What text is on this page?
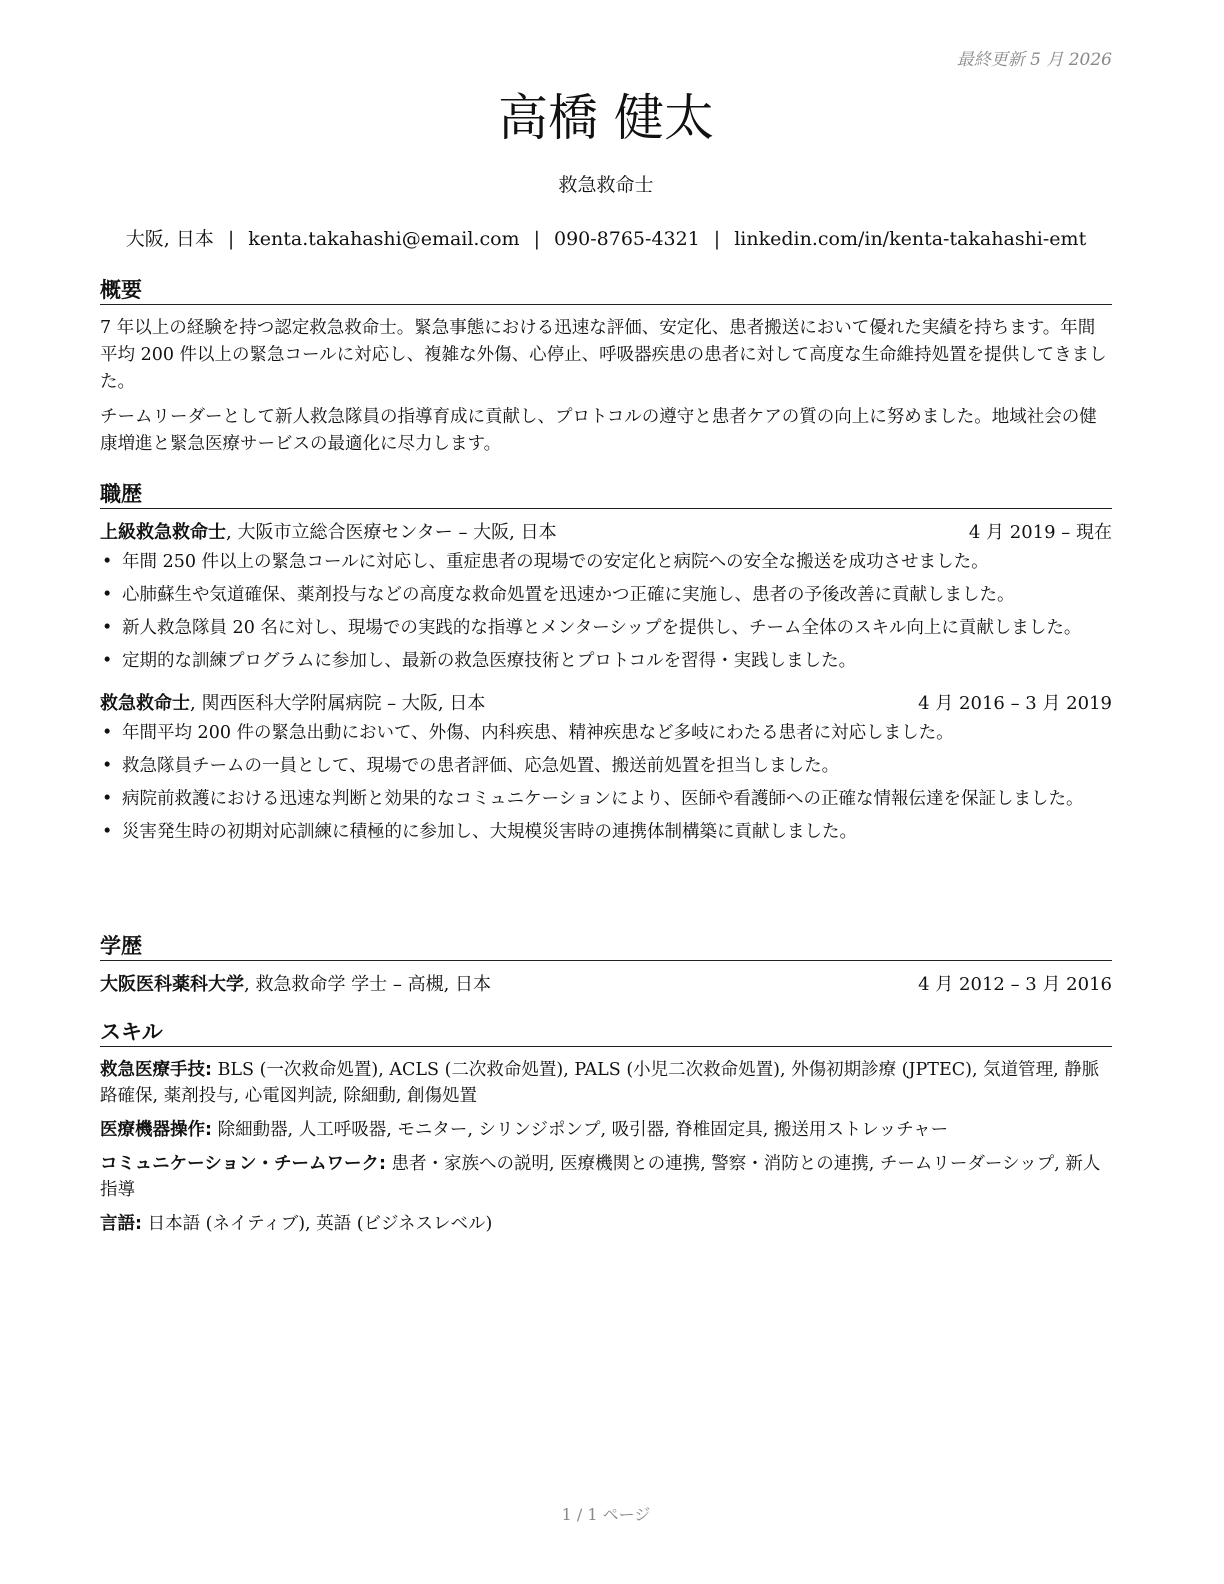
最終更新 5 月 2026
高橋 健太
救急救命士
大阪, 日本 | kenta.takahashi@email.com | 090-8765-4321 | linkedin.com/in/kenta-takahashi-emt
概要

7 年以上の経験を持つ認定救急救命士。緊急事態における迅速な評価、安定化、患者搬送において優れた実績を持ちます。年間平均 200 件以上の緊急コールに対応し、複雑な外傷、心停止、呼吸器疾患の患者に対して高度な生命維持処置を提供してきました。

チームリーダーとして新人救急隊員の指導育成に貢献し、プロトコルの遵守と患者ケアの質の向上に努めました。地域社会の健康増進と緊急医療サービスの最適化に尽力します。

職歴
上級救急救命士, 大阪市立総合医療センター – 大阪, 日本	4 月 2019 – 現在
• 年間 250 件以上の緊急コールに対応し、重症患者の現場での安定化と病院への安全な搬送を成功させました。
• 心肺蘇生や気道確保、薬剤投与などの高度な救命処置を迅速かつ正確に実施し、患者の予後改善に貢献しました。
• 新人救急隊員 20 名に対し、現場での実践的な指導とメンターシップを提供し、チーム全体のスキル向上に貢献しました。
• 定期的な訓練プログラムに参加し、最新の救急医療技術とプロトコルを習得・実践しました。
救急救命士, 関西医科大学附属病院 – 大阪, 日本	4 月 2016 – 3 月 2019
• 年間平均 200 件の緊急出動において、外傷、内科疾患、精神疾患など多岐にわたる患者に対応しました。
• 救急隊員チームの一員として、現場での患者評価、応急処置、搬送前処置を担当しました。
• 病院前救護における迅速な判断と効果的なコミュニケーションにより、医師や看護師への正確な情報伝達を保証しました。
• 災害発生時の初期対応訓練に積極的に参加し、大規模災害時の連携体制構築に貢献しました。
学歴
大阪医科薬科大学, 救急救命学 学士 – 高槻, 日本	4 月 2012 – 3 月 2016
スキル
救急医療手技: BLS (一次救命処置), ACLS (二次救命処置), PALS (小児二次救命処置), 外傷初期診療 (JPTEC), 気道管理, 静脈路確保, 薬剤投与, 心電図判読, 除細動, 創傷処置
医療機器操作: 除細動器, 人工呼吸器, モニター, シリンジポンプ, 吸引器, 脊椎固定具, 搬送用ストレッチャー
コミュニケーション・チームワーク: 患者・家族への説明, 医療機関との連携, 警察・消防との連携, チームリーダーシップ, 新人指導
言語: 日本語 (ネイティブ), 英語 (ビジネスレベル)
1 / 1 ページ
